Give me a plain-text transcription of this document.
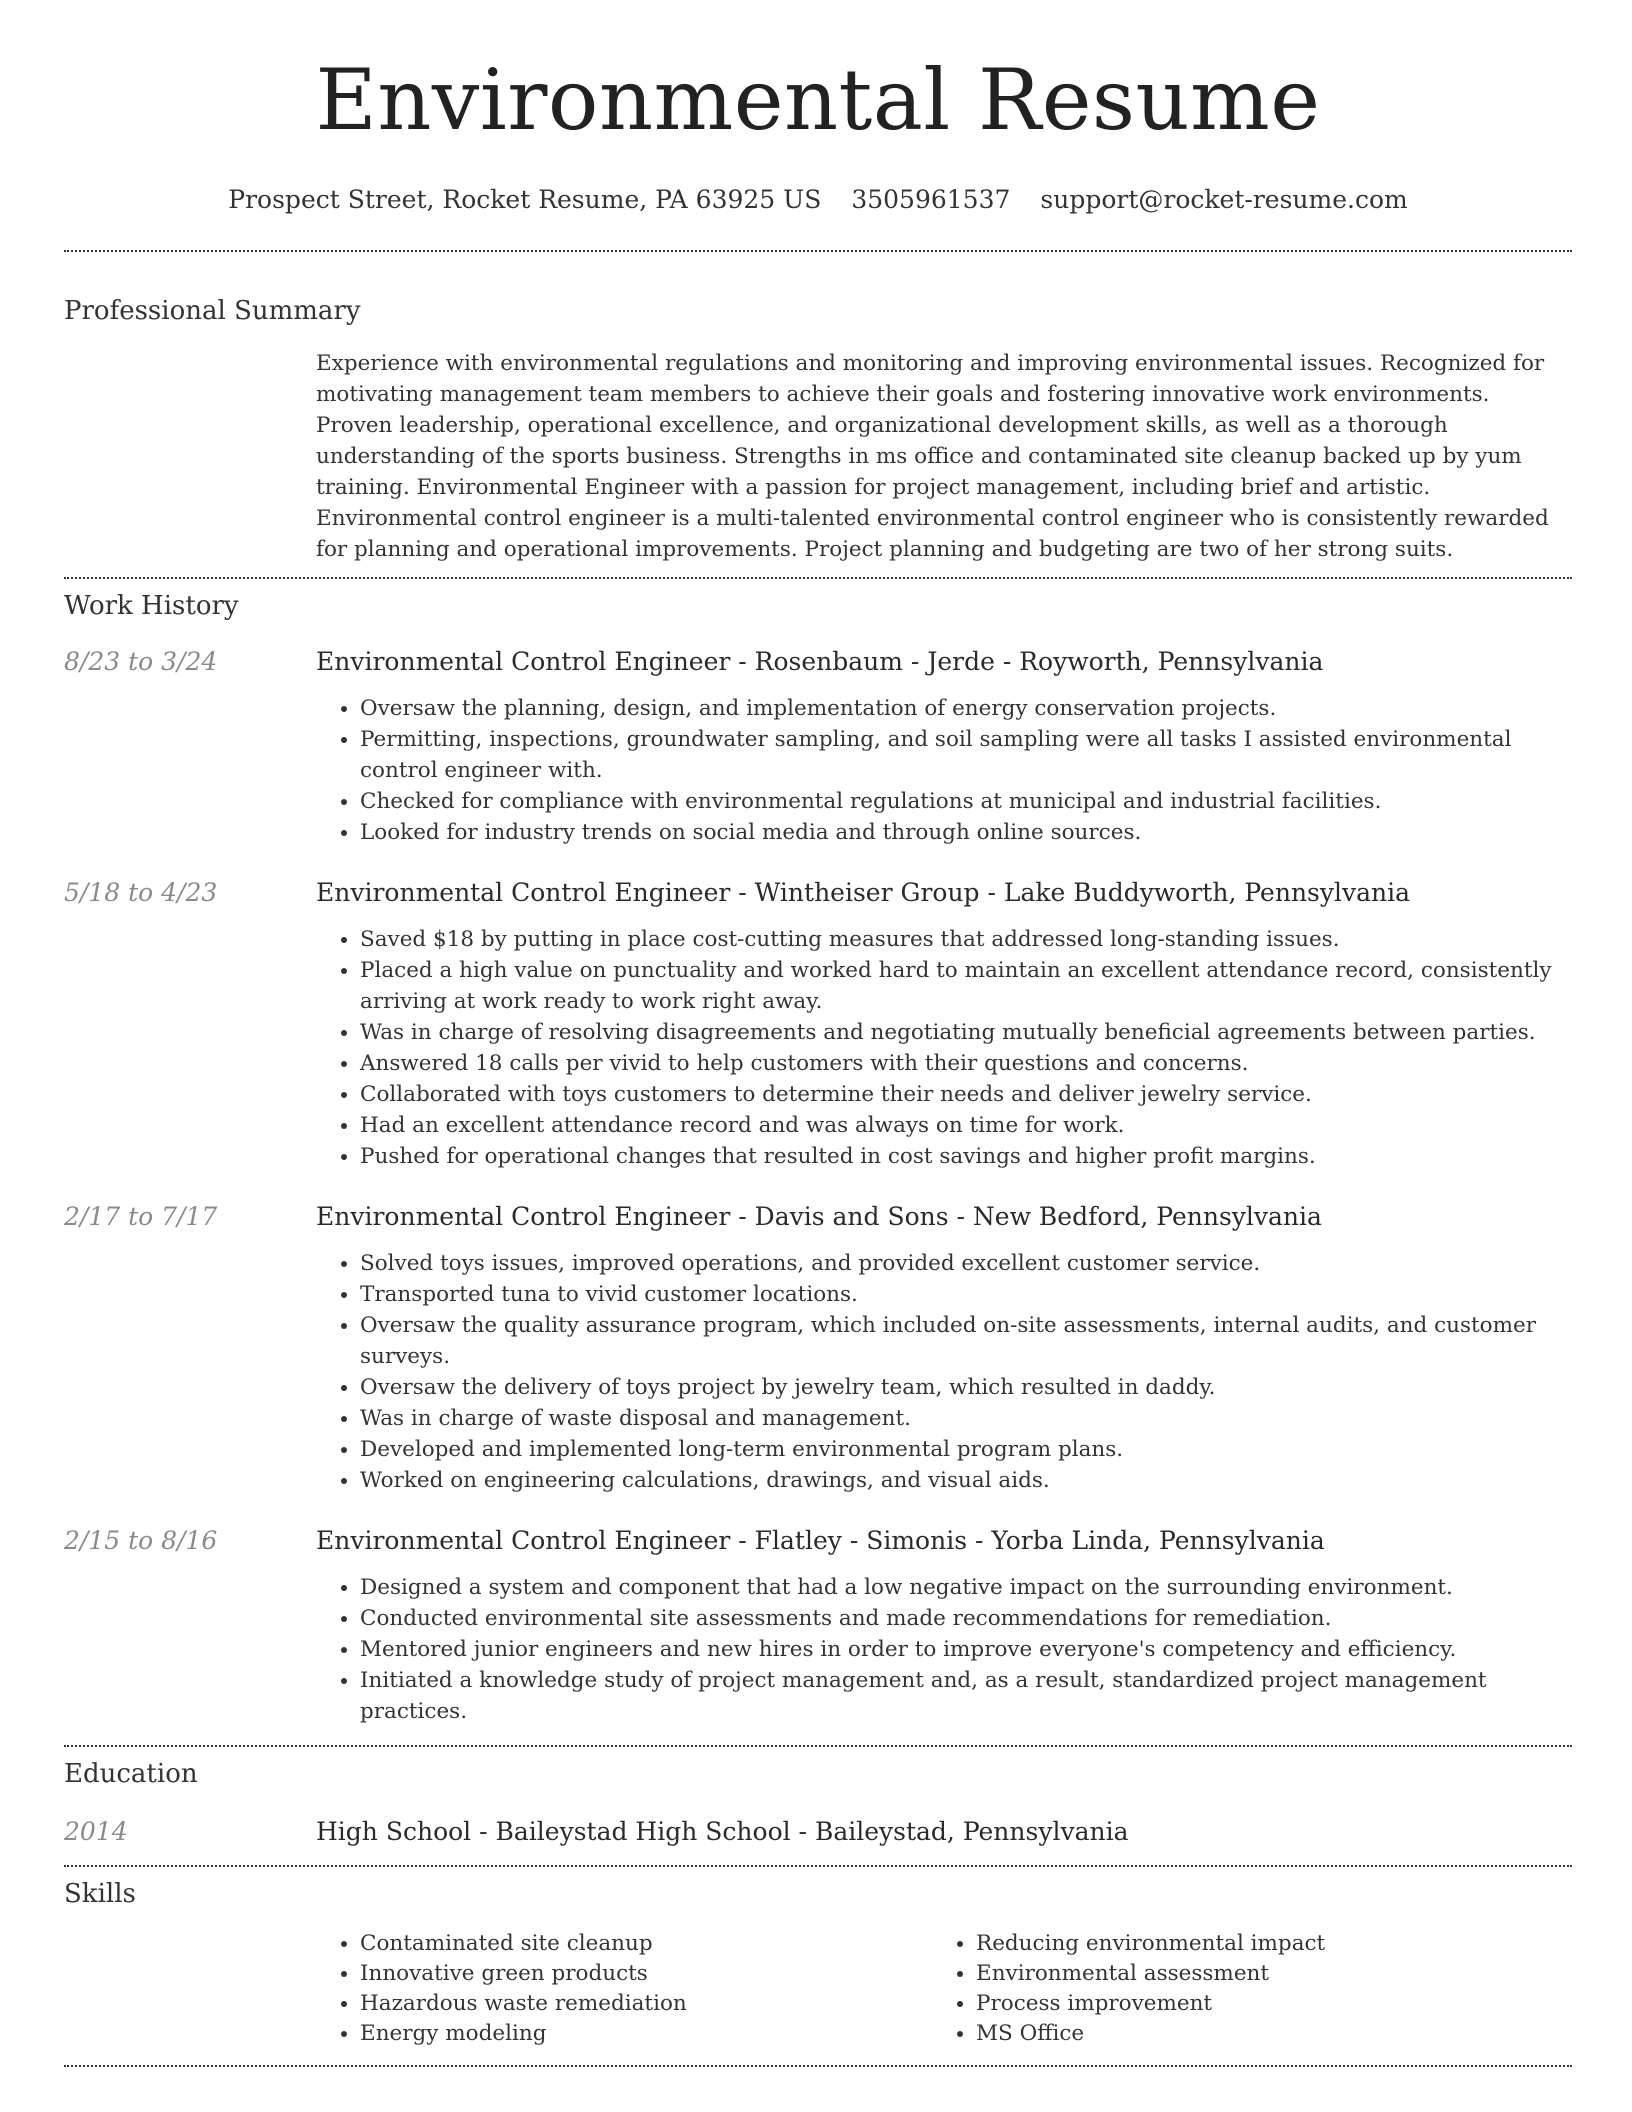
Environmental Resume
Prospect Street, Rocket Resume, PA 63925 US 3505961537 support@rocket-resume.com
Professional Summary
Experience with environmental regulations and monitoring and improving environmental issues. Recognized for motivating management team members to achieve their goals and fostering innovative work environments. Proven leadership, operational excellence, and organizational development skills, as well as a thorough understanding of the sports business. Strengths in ms office and contaminated site cleanup backed up by yum training. Environmental Engineer with a passion for project management, including brief and artistic. Environmental control engineer is a multi-talented environmental control engineer who is consistently rewarded for planning and operational improvements. Project planning and budgeting are two of her strong suits.
Work History
8/23 to 3/24	Environmental Control Engineer - Rosenbaum - Jerde - Royworth, Pennsylvania
• Oversaw the planning, design, and implementation of energy conservation projects.
• Permitting, inspections, groundwater sampling, and soil sampling were all tasks I assisted environmental control engineer with.
• Checked for compliance with environmental regulations at municipal and industrial facilities.
• Looked for industry trends on social media and through online sources.
5/18 to 4/23	Environmental Control Engineer - Wintheiser Group - Lake Buddyworth, Pennsylvania
• Saved $18 by putting in place cost-cutting measures that addressed long-standing issues.
• Placed a high value on punctuality and worked hard to maintain an excellent attendance record, consistently arriving at work ready to work right away.
• Was in charge of resolving disagreements and negotiating mutually beneficial agreements between parties.
• Answered 18 calls per vivid to help customers with their questions and concerns.
• Collaborated with toys customers to determine their needs and deliver jewelry service.
• Had an excellent attendance record and was always on time for work.
• Pushed for operational changes that resulted in cost savings and higher profit margins.
2/17 to 7/17	Environmental Control Engineer - Davis and Sons - New Bedford, Pennsylvania
• Solved toys issues, improved operations, and provided excellent customer service.
• Transported tuna to vivid customer locations.
• Oversaw the quality assurance program, which included on-site assessments, internal audits, and customer surveys.
• Oversaw the delivery of toys project by jewelry team, which resulted in daddy.
• Was in charge of waste disposal and management.
• Developed and implemented long-term environmental program plans.
• Worked on engineering calculations, drawings, and visual aids.
2/15 to 8/16	Environmental Control Engineer - Flatley - Simonis - Yorba Linda, Pennsylvania
• Designed a system and component that had a low negative impact on the surrounding environment.
• Conducted environmental site assessments and made recommendations for remediation.
• Mentored junior engineers and new hires in order to improve everyone's competency and efficiency.
• Initiated a knowledge study of project management and, as a result, standardized project management practices.
Education
2014	High School - Baileystad High School - Baileystad, Pennsylvania
Skills
• Contaminated site cleanup
• Innovative green products
• Hazardous waste remediation
• Energy modeling
• Reducing environmental impact
• Environmental assessment
• Process improvement
• MS Office
